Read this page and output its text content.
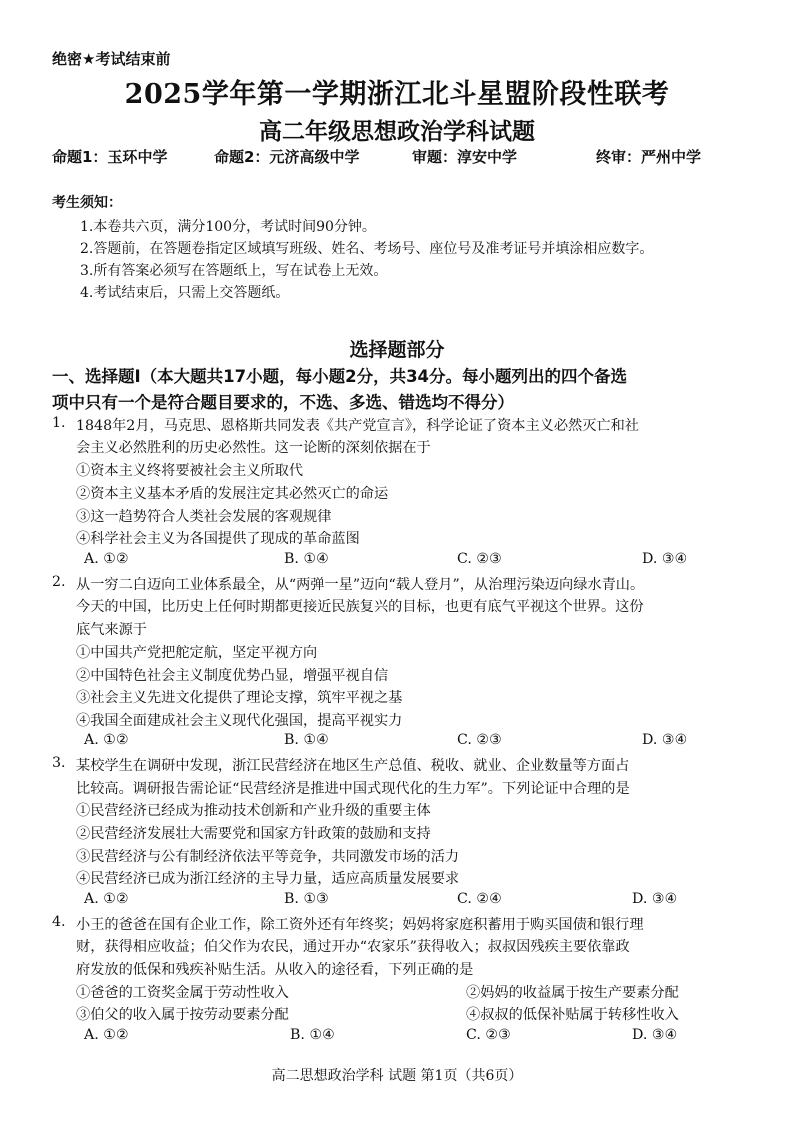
绝密★考试结束前
2025学年第一学期浙江北斗星盟阶段性联考
高二年级思想政治学科试题
命题1：玉环中学	命题2：元济高级中学	审题：淳安中学	终审：严州中学
考生须知：
1.本卷共六页，满分100分，考试时间90分钟。
2.答题前，在答题卷指定区域填写班级、姓名、考场号、座位号及准考证号并填涂相应数字。
3.所有答案必须写在答题纸上，写在试卷上无效。
4.考试结束后，只需上交答题纸。
选择题部分
一、选择题Ⅰ（本大题共17小题，每小题2分，共34分。每小题列出的四个备选
项中只有一个是符合题目要求的，不选、多选、错选均不得分）
1. 1848年2月，马克思、恩格斯共同发表《共产党宣言》，科学论证了资本主义必然灭亡和社
会主义必然胜利的历史必然性。这一论断的深刻依据在于
①资本主义终将要被社会主义所取代
②资本主义基本矛盾的发展注定其必然灭亡的命运
③这一趋势符合人类社会发展的客观规律
④科学社会主义为各国提供了现成的革命蓝图
A. ①②	B. ①④	C. ②③	D. ③④
2. 从一穷二白迈向工业体系最全，从“两弹一星”迈向“载人登月”，从治理污染迈向绿水青山。
今天的中国，比历史上任何时期都更接近民族复兴的目标，也更有底气平视这个世界。这份
底气来源于
①中国共产党把舵定航，坚定平视方向
②中国特色社会主义制度优势凸显，增强平视自信
③社会主义先进文化提供了理论支撑，筑牢平视之基
④我国全面建成社会主义现代化强国，提高平视实力
A. ①②	B. ①④	C. ②③	D. ③④
3. 某校学生在调研中发现，浙江民营经济在地区生产总值、税收、就业、企业数量等方面占
比较高。调研报告需论证“民营经济是推进中国式现代化的生力军”。下列论证中合理的是
①民营经济已经成为推动技术创新和产业升级的重要主体
②民营经济发展壮大需要党和国家方针政策的鼓励和支持
③民营经济与公有制经济依法平等竞争，共同激发市场的活力
④民营经济已成为浙江经济的主导力量，适应高质量发展要求
A. ①②	B. ①③	C. ②④	D. ③④
4. 小王的爸爸在国有企业工作，除工资外还有年终奖；妈妈将家庭积蓄用于购买国债和银行理
财，获得相应收益；伯父作为农民，通过开办“农家乐”获得收入；叔叔因残疾主要依靠政
府发放的低保和残疾补贴生活。从收入的途径看，下列正确的是
①爸爸的工资奖金属于劳动性收入	②妈妈的收益属于按生产要素分配
③伯父的收入属于按劳动要素分配	④叔叔的低保补贴属于转移性收入
A. ①②	B. ①④	C. ②③	D. ③④
高二思想政治学科 试题 第1页（共6页）
